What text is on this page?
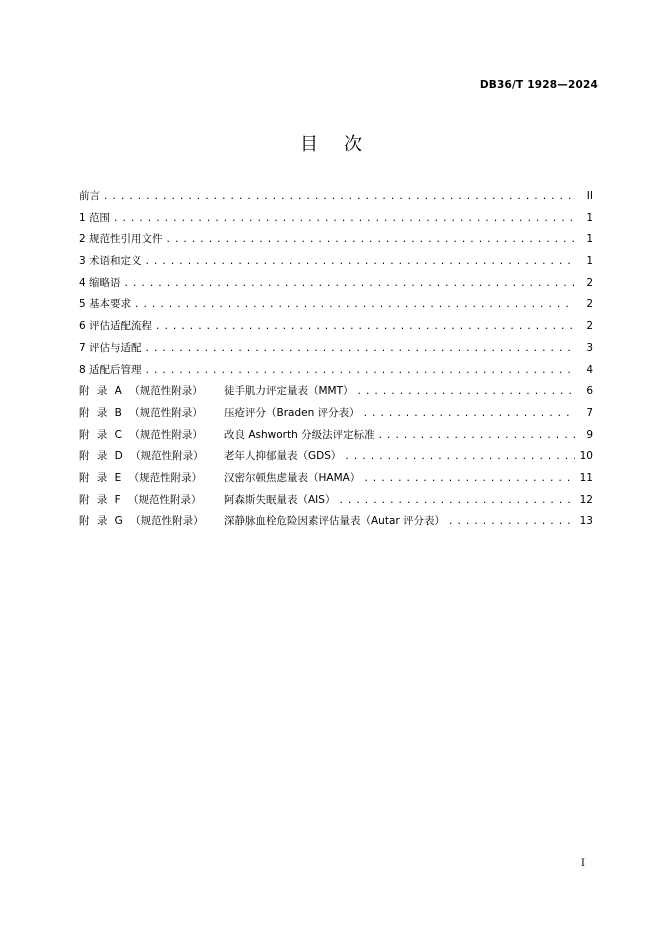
DB36/T 1928—2024
目次
前言 . . .	II
1 范围 . . .	1
2 规范性引用文件 . . .	1
3 术语和定义 . . .	1
4 缩略语 . . .	2
5 基本要求 . . .	2
6 评估适配流程 . . .	2
7 评估与适配 . . .	3
8 适配后管理 . . .	4
附 录 A （规范性附录） 徒手肌力评定量表（MMT） . . .	6
附 录 B （规范性附录） 压疮评分（Braden 评分表） . . .	7
附 录 C （规范性附录） 改良 Ashworth 分级法评定标准 . . .	9
附 录 D （规范性附录） 老年人抑郁量表（GDS） . . .	10
附 录 E （规范性附录） 汉密尔顿焦虑量表（HAMA） . . .	11
附 录 F （规范性附录） 阿森斯失眠量表（AIS） . . .	12
附 录 G （规范性附录） 深静脉血栓危险因素评估量表（Autar 评分表） . . .	13
I
